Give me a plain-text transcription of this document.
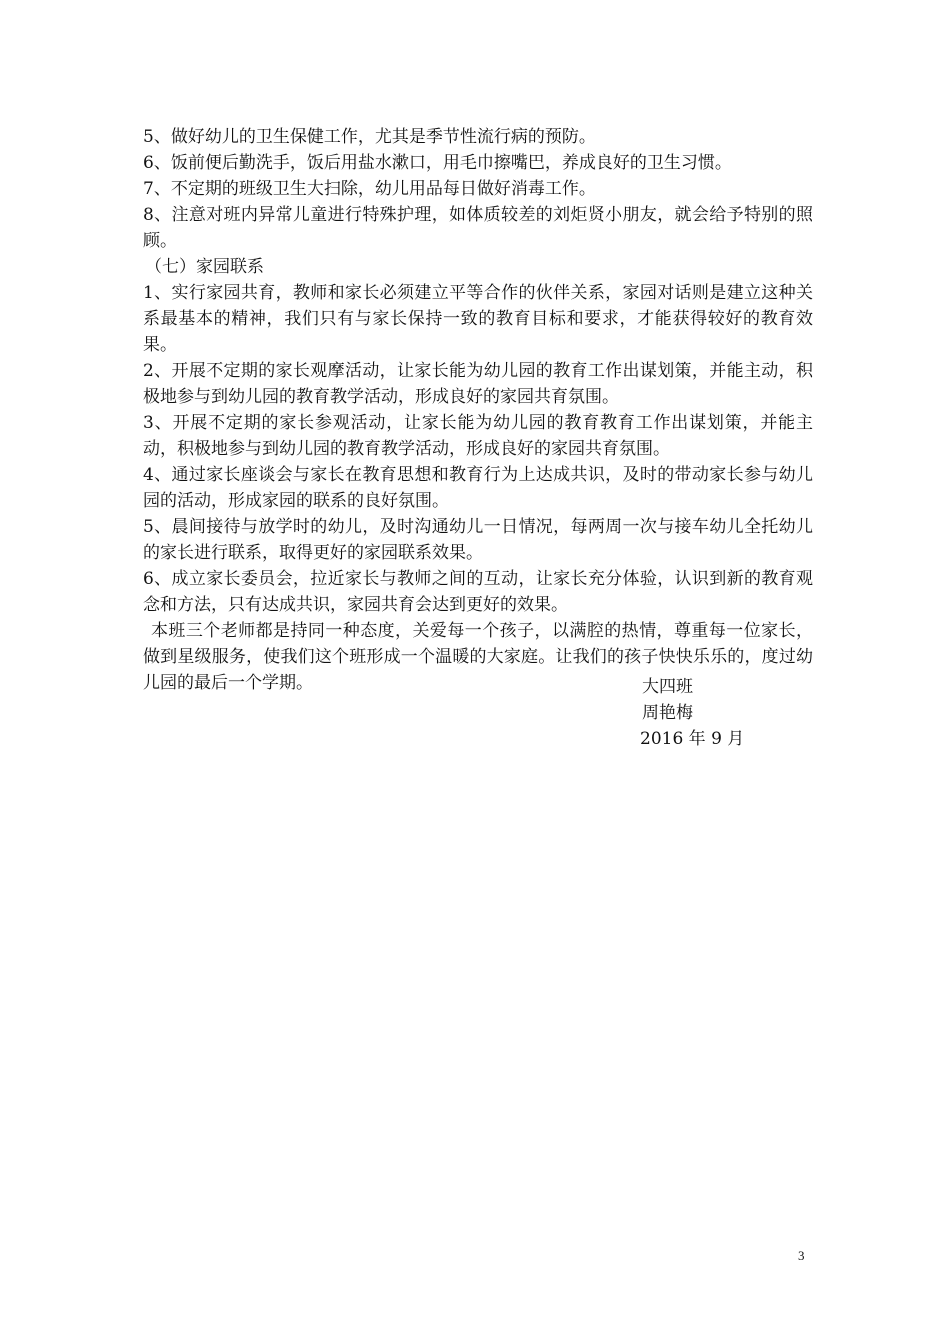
5、做好幼儿的卫生保健工作，尤其是季节性流行病的预防。

6、饭前便后勤洗手，饭后用盐水漱口，用毛巾擦嘴巴，养成良好的卫生习惯。

7、不定期的班级卫生大扫除，幼儿用品每日做好消毒工作。

8、注意对班内异常儿童进行特殊护理，如体质较差的刘炬贤小朋友，就会给予特别的照顾。

（七）家园联系

1、实行家园共育，教师和家长必须建立平等合作的伙伴关系，家园对话则是建立这种关系最基本的精神，我们只有与家长保持一致的教育目标和要求，才能获得较好的教育效果。

2、开展不定期的家长观摩活动，让家长能为幼儿园的教育工作出谋划策，并能主动，积极地参与到幼儿园的教育教学活动，形成良好的家园共育氛围。

3、开展不定期的家长参观活动，让家长能为幼儿园的教育教育工作出谋划策，并能主动，积极地参与到幼儿园的教育教学活动，形成良好的家园共育氛围。

4、通过家长座谈会与家长在教育思想和教育行为上达成共识，及时的带动家长参与幼儿园的活动，形成家园的联系的良好氛围。

5、晨间接待与放学时的幼儿，及时沟通幼儿一日情况，每两周一次与接车幼儿全托幼儿的家长进行联系，取得更好的家园联系效果。

6、成立家长委员会，拉近家长与教师之间的互动，让家长充分体验，认识到新的教育观念和方法，只有达成共识，家园共育会达到更好的效果。

本班三个老师都是持同一种态度，关爱每一个孩子，以满腔的热情，尊重每一位家长，做到星级服务，使我们这个班形成一个温暖的大家庭。让我们的孩子快快乐乐的，度过幼儿园的最后一个学期。	大四班

周艳梅

2016 年 9 月

3
